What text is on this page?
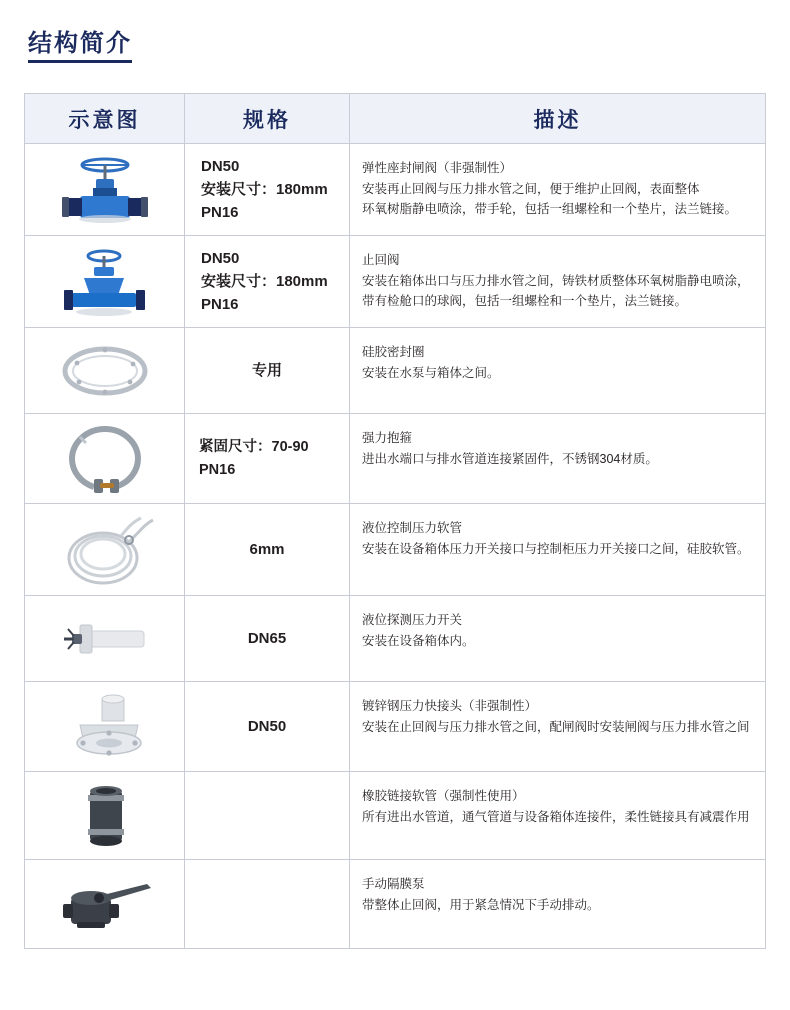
结构简介
示意图	规格	描述
DN50
安装尺寸：180mm
PN16
弹性座封闸阀（非强制性）
安装再止回阀与压力排水管之间，便于维护止回阀，表面整体
环氧树脂静电喷涂，带手轮，包括一组螺栓和一个垫片，法兰链接。
DN50
安装尺寸：180mm
PN16
止回阀
安装在箱体出口与压力排水管之间，铸铁材质整体环氧树脂静电喷涂，
带有检舱口的球阀，包括一组螺栓和一个垫片，法兰链接。
专用
硅胶密封圈
安装在水泵与箱体之间。
紧固尺寸：70-90
PN16
强力抱箍
进出水端口与排水管道连接紧固件，不锈钢304材质。
6mm
液位控制压力软管
安装在设备箱体压力开关接口与控制柜压力开关接口之间，硅胶软管。
DN65
液位探测压力开关
安装在设备箱体内。
DN50
镀锌钢压力快接头（非强制性）
安装在止回阀与压力排水管之间，配闸阀时安装闸阀与压力排水管之间
橡胶链接软管（强制性使用）
所有进出水管道，通气管道与设备箱体连接件，柔性链接具有减震作用
手动隔膜泵
带整体止回阀，用于紧急情况下手动排动。
